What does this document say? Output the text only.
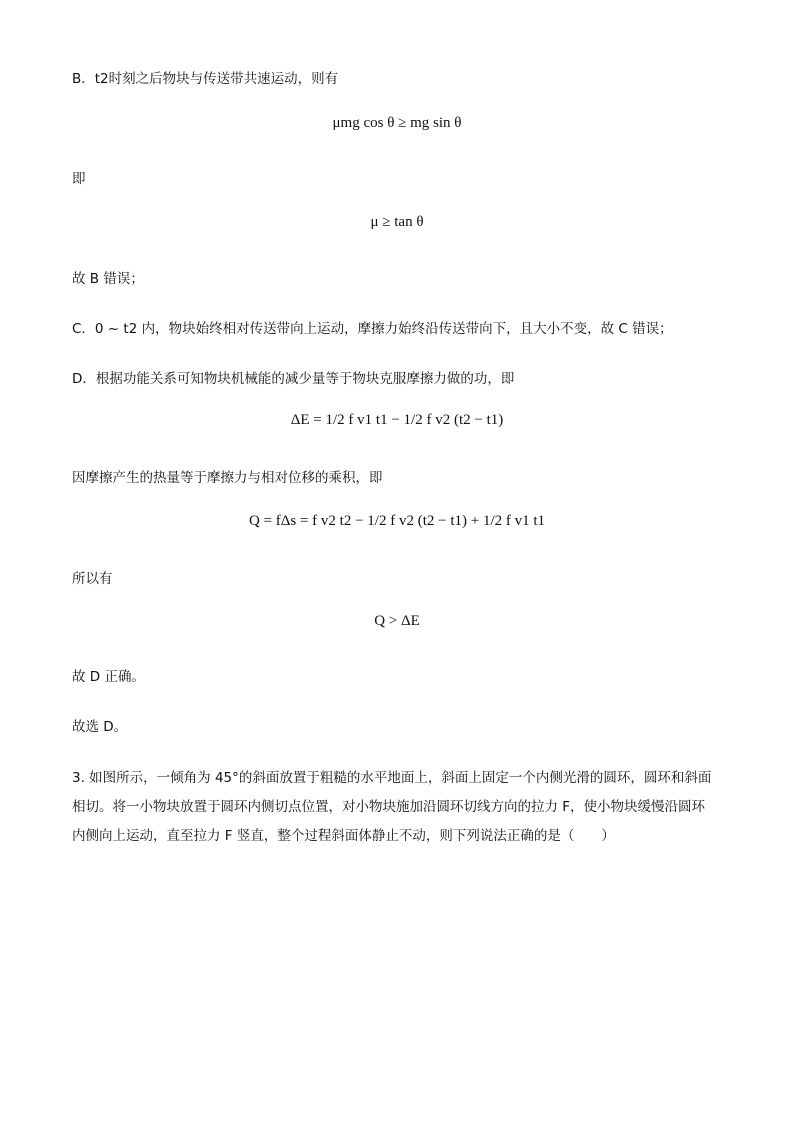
B．t2时刻之后物块与传送带共速运动，则有
μmg cos θ ≥ mg sin θ
即
μ ≥ tan θ
故 B 错误；
C．0 ~ t2 内，物块始终相对传送带向上运动，摩擦力始终沿传送带向下，且大小不变，故 C 错误；
D．根据功能关系可知物块机械能的减少量等于物块克服摩擦力做的功，即
ΔE = 1/2 f v1 t1 − 1/2 f v2 (t2 − t1)
因摩擦产生的热量等于摩擦力与相对位移的乘积，即
Q = fΔs = f v2 t2 − 1/2 f v2 (t2 − t1) + 1/2 f v1 t1
所以有
Q > ΔE
故 D 正确。
故选 D。
3. 如图所示，一倾角为 45°的斜面放置于粗糙的水平地面上，斜面上固定一个内侧光滑的圆环，圆环和斜面
相切。将一小物块放置于圆环内侧切点位置，对小物块施加沿圆环切线方向的拉力 F，使小物块缓慢沿圆环
内侧向上运动，直至拉力 F 竖直，整个过程斜面体静止不动，则下列说法正确的是（　　）
